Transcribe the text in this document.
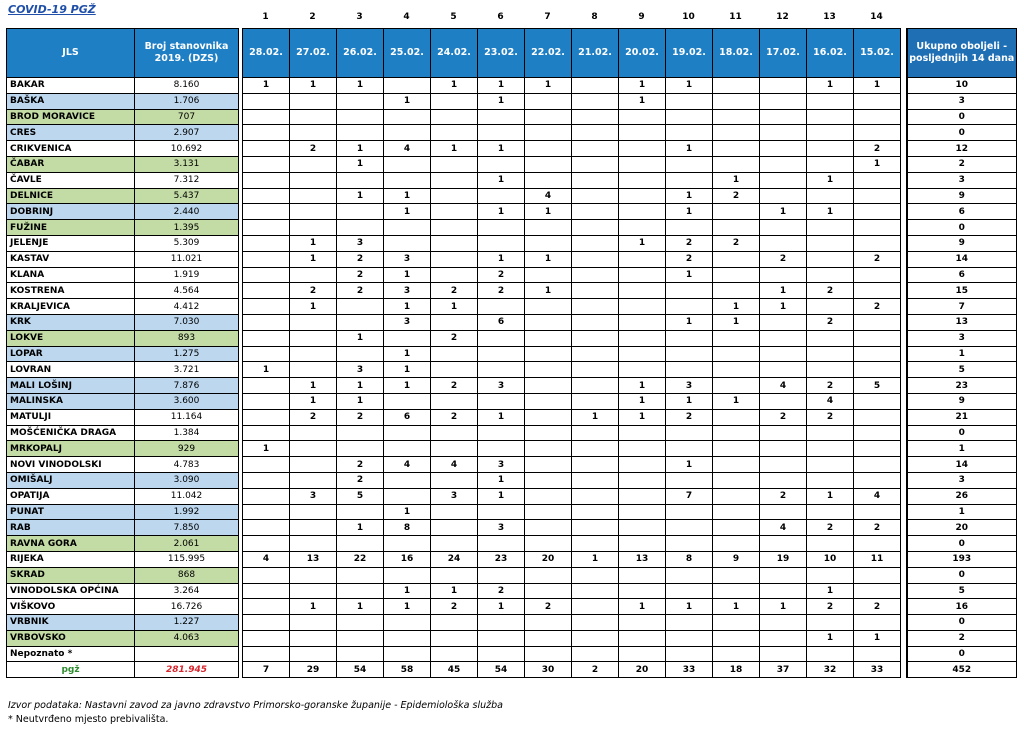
COVID-19 PGŽ
			1	2	3	4	5	6	7	8	9	10	11	12	13	14		
JLS	Broj stanovnika 2019. (DZS)		28.02.	27.02.	26.02.	25.02.	24.02.	23.02.	22.02.	21.02.	20.02.	19.02.	18.02.	17.02.	16.02.	15.02.		Ukupno oboljeli - posljednjih 14 dana
BAKAR	8.160		1	1	1		1	1	1		1	1			1	1		10
BAŠKA	1.706					1		1			1							3
BROD MORAVICE	707																	0
CRES	2.907																	0
CRIKVENICA	10.692			2	1	4	1	1				1				2		12
ČABAR	3.131				1											1		2
ČAVLE	7.312							1					1		1			3
DELNICE	5.437				1	1			4			1	2					9
DOBRINJ	2.440					1		1	1			1		1	1			6
FUŽINE	1.395																	0
JELENJE	5.309			1	3						1	2	2					9
KASTAV	11.021			1	2	3		1	1			2		2		2		14
KLANA	1.919				2	1		2				1						6
KOSTRENA	4.564			2	2	3	2	2	1					1	2			15
KRALJEVICA	4.412			1		1	1						1	1		2		7
KRK	7.030					3		6				1	1		2			13
LOKVE	893				1		2											3
LOPAR	1.275					1												1
LOVRAN	3.721		1		3	1												5
MALI LOŠINJ	7.876			1	1	1	2	3			1	3		4	2	5		23
MALINSKA	3.600			1	1						1	1	1		4			9
MATULJI	11.164			2	2	6	2	1		1	1	2		2	2			21
MOŠĆENIČKA DRAGA	1.384																	0
MRKOPALJ	929		1															1
NOVI VINODOLSKI	4.783				2	4	4	3				1						14
OMIŠALJ	3.090				2			1										3
OPATIJA	11.042			3	5		3	1				7		2	1	4		26
PUNAT	1.992					1												1
RAB	7.850				1	8		3						4	2	2		20
RAVNA GORA	2.061																	0
RIJEKA	115.995		4	13	22	16	24	23	20	1	13	8	9	19	10	11		193
SKRAD	868																	0
VINODOLSKA OPĆINA	3.264					1	1	2							1			5
VIŠKOVO	16.726			1	1	1	2	1	2		1	1	1	1	2	2		16
VRBNIK	1.227																	0
VRBOVSKO	4.063														1	1		2
Nepoznato *																		0
pgž	281.945		7	29	54	58	45	54	30	2	20	33	18	37	32	33		452
Izvor podataka: Nastavni zavod za javno zdravstvo Primorsko-goranske županije - Epidemiološka služba
* Neutvrđeno mjesto prebivališta.
